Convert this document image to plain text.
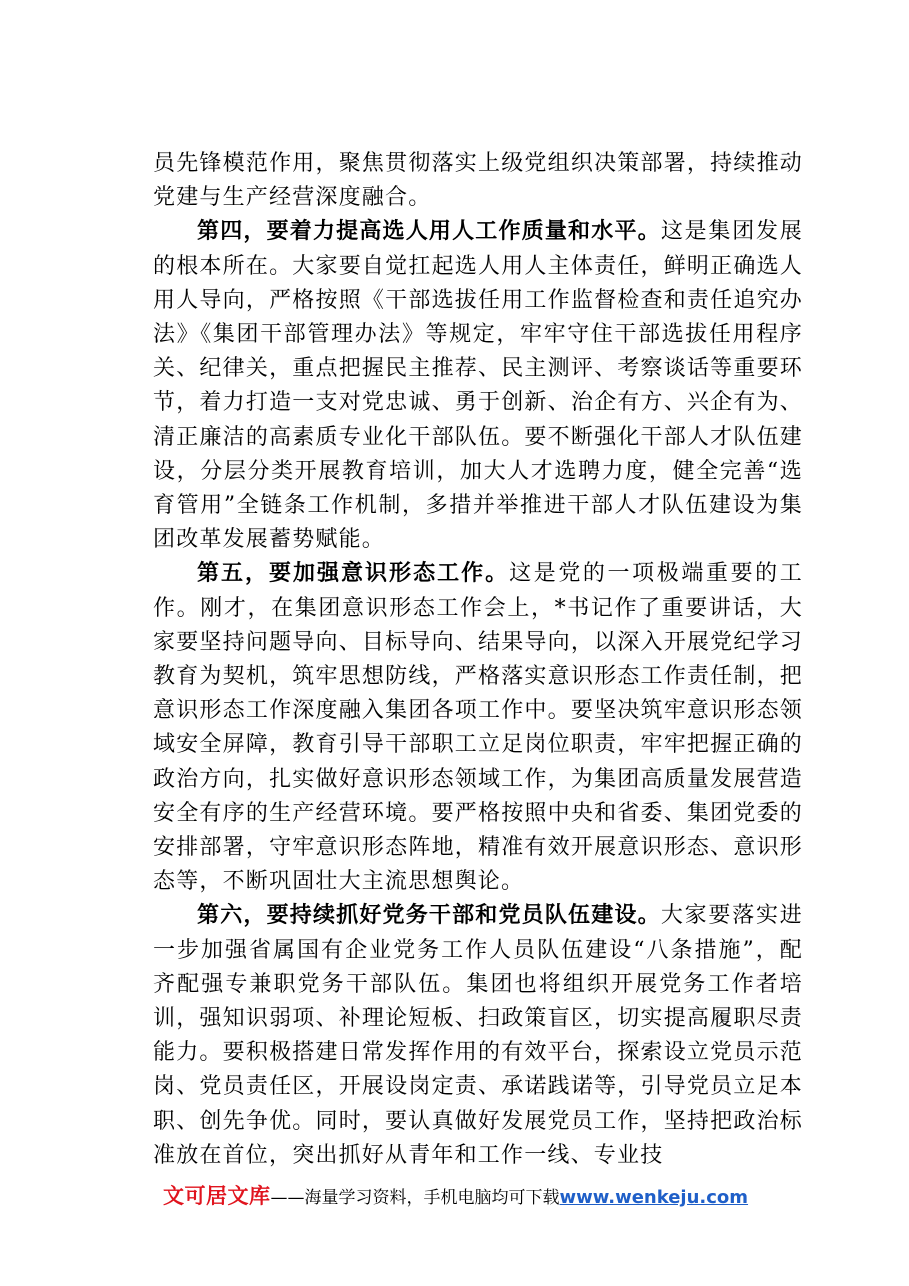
员先锋模范作用，聚焦贯彻落实上级党组织决策部署，持续推动党建与生产经营深度融合。

第四，要着力提高选人用人工作质量和水平。这是集团发展的根本所在。大家要自觉扛起选人用人主体责任，鲜明正确选人用人导向，严格按照《干部选拔任用工作监督检查和责任追究办法》《集团干部管理办法》等规定，牢牢守住干部选拔任用程序关、纪律关，重点把握民主推荐、民主测评、考察谈话等重要环节，着力打造一支对党忠诚、勇于创新、治企有方、兴企有为、清正廉洁的高素质专业化干部队伍。要不断强化干部人才队伍建设，分层分类开展教育培训，加大人才选聘力度，健全完善“选育管用”全链条工作机制，多措并举推进干部人才队伍建设为集团改革发展蓄势赋能。

第五，要加强意识形态工作。这是党的一项极端重要的工作。刚才，在集团意识形态工作会上，*书记作了重要讲话，大家要坚持问题导向、目标导向、结果导向，以深入开展党纪学习教育为契机，筑牢思想防线，严格落实意识形态工作责任制，把意识形态工作深度融入集团各项工作中。要坚决筑牢意识形态领域安全屏障，教育引导干部职工立足岗位职责，牢牢把握正确的政治方向，扎实做好意识形态领域工作，为集团高质量发展营造安全有序的生产经营环境。要严格按照中央和省委、集团党委的安排部署，守牢意识形态阵地，精准有效开展意识形态、意识形态等，不断巩固壮大主流思想舆论。

第六，要持续抓好党务干部和党员队伍建设。大家要落实进一步加强省属国有企业党务工作人员队伍建设“八条措施”，配齐配强专兼职党务干部队伍。集团也将组织开展党务工作者培训，强知识弱项、补理论短板、扫政策盲区，切实提高履职尽责能力。要积极搭建日常发挥作用的有效平台，探索设立党员示范岗、党员责任区，开展设岗定责、承诺践诺等，引导党员立足本职、创先争优。同时，要认真做好发展党员工作，坚持把政治标准放在首位，突出抓好从青年和工作一线、专业技

文可居文库——海量学习资料，手机电脑均可下载www.wenkeju.com
